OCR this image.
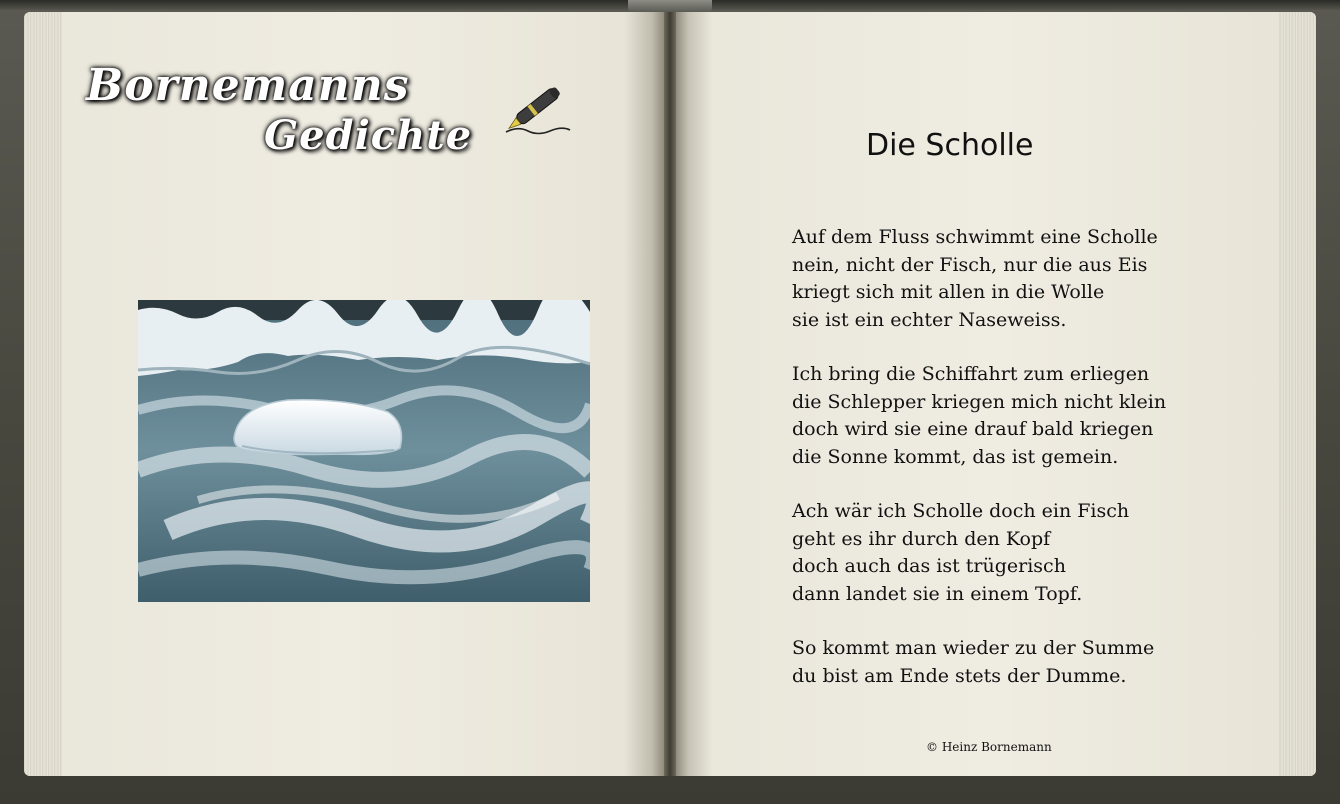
Bornemanns
Gedichte	Die Scholle
Auf dem Fluss schwimmt eine Scholle
nein, nicht der Fisch, nur die aus Eis
kriegt sich mit allen in die Wolle
sie ist ein echter Naseweiss.
Ich bring die Schiffahrt zum erliegen
die Schlepper kriegen mich nicht klein
doch wird sie eine drauf bald kriegen
die Sonne kommt, das ist gemein.
Ach wär ich Scholle doch ein Fisch
geht es ihr durch den Kopf
doch auch das ist trügerisch
dann landet sie in einem Topf.
So kommt man wieder zu der Summe
du bist am Ende stets der Dumme.
© Heinz Bornemann
